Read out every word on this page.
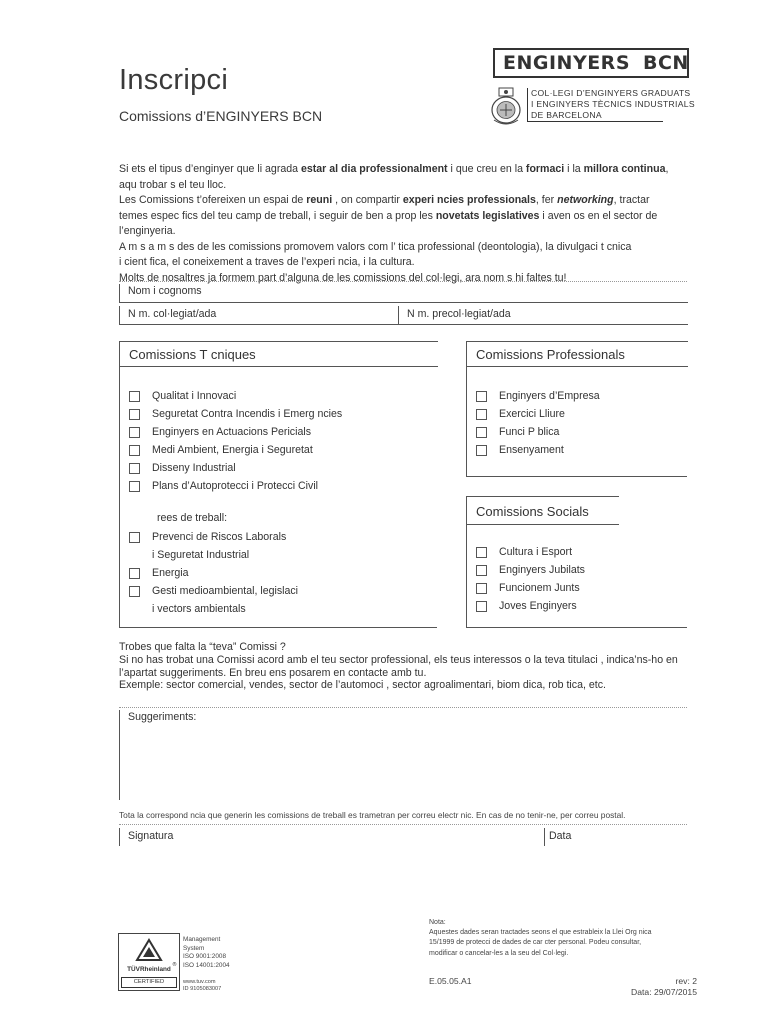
Inscripci
Comissions d’ENGINYERS BCN
ENGINYERS BCN
COL·LEGI D’ENGINYERS GRADUATS
I ENGINYERS TÈCNICS INDUSTRIALS
DE BARCELONA

Si ets el tipus d’enginyer que li agrada estar al dia professionalment i que creu en la formaci i la millora continua,

aqu trobar s el teu lloc.

Les Comissions t’ofereixen un espai de reuni , on compartir experi ncies professionals, fer networking, tractar

temes espec fics del teu camp de treball, i seguir de ben a prop les novetats legislatives i aven os en el sector de

l’enginyeria.

A m s a m s des de les comissions promovem valors com l’ tica professional (deontologia), la divulgaci t cnica

i cient fica, el coneixement a traves de l’experi ncia, i la cultura.

Molts de nosaltres ja formem part d’alguna de les comissions del col·legi, ara nom s hi faltes tu!

Nom i cognoms
N m. col·legiat/ada	N m. precol·legiat/ada
Comissions T cniques
Qualitat i Innovaci
Seguretat Contra Incendis i Emerg ncies
Enginyers en Actuacions Pericials
Medi Ambient, Energia i Seguretat
Disseny Industrial
Plans d’Autoprotecci i Protecci Civil
rees de treball:
Prevenci de Riscos Laborals
i Seguretat Industrial
Energia
Gesti medioambiental, legislaci
i vectors ambientals
Comissions Professionals
Enginyers d’Empresa
Exercici Lliure
Funci P blica
Ensenyament
Comissions Socials
Cultura i Esport
Enginyers Jubilats
Funcionem Junts
Joves Enginyers

Trobes que falta la “teva” Comissi ?

Si no has trobat una Comissi acord amb el teu sector professional, els teus interessos o la teva titulaci , indica’ns-ho en

l’apartat suggeriments. En breu ens posarem en contacte amb tu.

Exemple: sector comercial, vendes, sector de l’automoci , sector agroalimentari, biom dica, rob tica, etc.

Suggeriments:
Tota la correspond ncia que generin les comissions de treball es trametran per correu electr nic. En cas de no tenir-ne, per correu postal.
Signatura	Data
®
TÜVRheinland
CERTIFIED
Management
System
ISO 9001:2008
ISO 14001:2004
www.tuv.com
ID 9105083007
Nota:
Aquestes dades seran tractades seons el que estrableix la Llei Org nica
15/1999 de protecci de dades de car cter personal. Podeu consultar,
modificar o cancelar-les a la seu del Col·legi.
E.05.05.A1	rev: 2
Data: 29/07/2015
